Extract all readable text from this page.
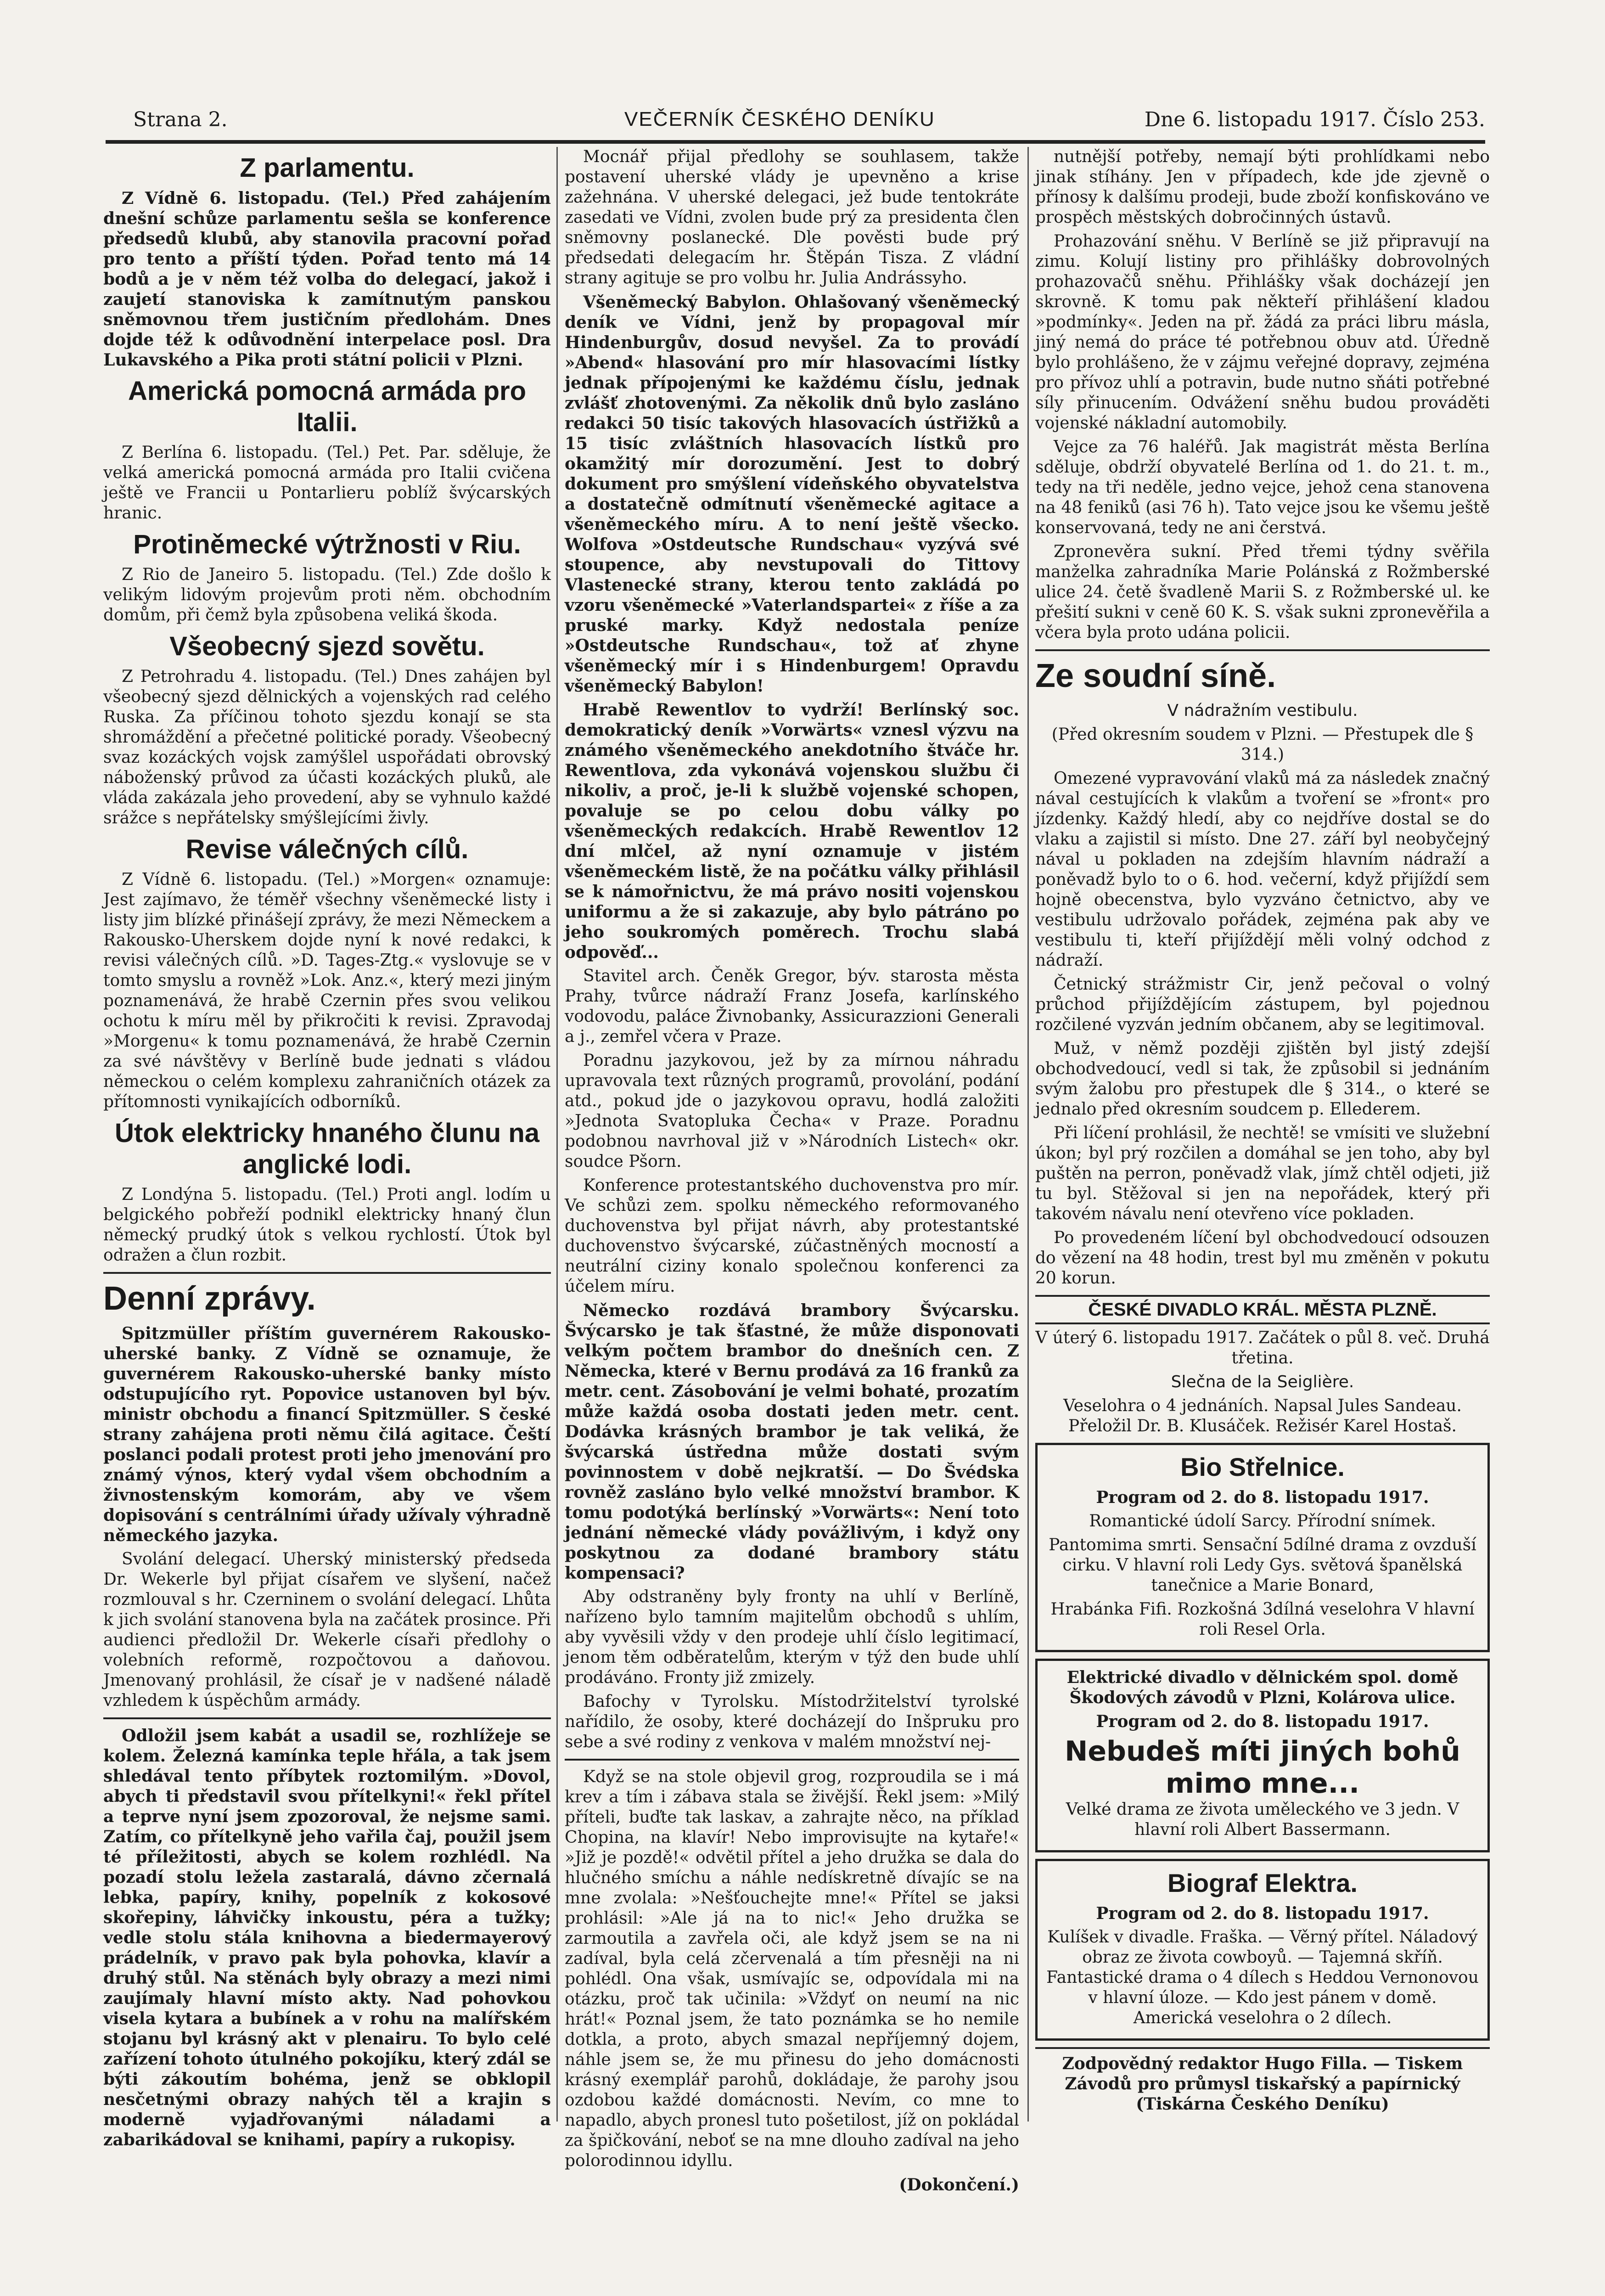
Strana 2.	VEČERNÍK ČESKÉHO DENÍKU	Dne 6. listopadu 1917. Číslo 253.
Z parlamentu.

Z Vídně 6. listopadu. (Tel.) Před zahájením dnešní schůze parlamentu sešla se konference předsedů klubů, aby stanovila pracovní pořad pro tento a příští týden. Pořad tento má 14 bodů a je v něm též volba do delegací, jakož i zaujetí stanoviska k zamítnutým panskou sněmovnou třem justičním předlohám. Dnes dojde též k odůvodnění interpelace posl. Dra Lukavského a Pika proti státní policii v Plzni.

Americká pomocná armáda pro Italii.

Z Berlína 6. listopadu. (Tel.) Pet. Par. sděluje, že velká americká pomocná armáda pro Italii cvičena ještě ve Francii u Pontarlieru poblíž švýcarských hranic.

Protiněmecké výtržnosti v Riu.

Z Rio de Janeiro 5. listopadu. (Tel.) Zde došlo k velikým lidovým projevům proti něm. obchodním domům, při čemž byla způsobena veliká škoda.

Všeobecný sjezd sovětu.

Z Petrohradu 4. listopadu. (Tel.) Dnes zahájen byl všeobecný sjezd dělnických a vojenských rad celého Ruska. Za příčinou tohoto sjezdu konají se sta shromáždění a přečetné politické porady. Všeobecný svaz kozáckých vojsk zamýšlel uspořádati obrovský náboženský průvod za účasti kozáckých pluků, ale vláda zakázala jeho provedení, aby se vyhnulo každé srážce s nepřátelsky smýšlejícími živly.

Revise válečných cílů.

Z Vídně 6. listopadu. (Tel.) »Morgen« oznamuje: Jest zajímavo, že téměř všechny všeněmecké listy i listy jim blízké přinášejí zprávy, že mezi Německem a Rakousko-Uherskem dojde nyní k nové redakci, k revisi válečných cílů. »D. Tages-Ztg.« vyslovuje se v tomto smyslu a rovněž »Lok. Anz.«, který mezi jiným poznamenává, že hrabě Czernin přes svou velikou ochotu k míru měl by přikročiti k revisi. Zpravodaj »Morgenu« k tomu poznamenává, že hrabě Czernin za své návštěvy v Berlíně bude jednati s vládou německou o celém komplexu zahraničních otázek za přítomnosti vynikajících odborníků.

Útok elektricky hnaného člunu na anglické lodi.

Z Londýna 5. listopadu. (Tel.) Proti angl. lodím u belgického pobřeží podnikl elektricky hnaný člun německý prudký útok s velkou rychlostí. Útok byl odražen a člun rozbit.

Denní zprávy.

Spitzmüller příštím guvernérem Rakousko-uherské banky. Z Vídně se oznamuje, že guvernérem Rakousko-uherské banky místo odstupujícího ryt. Popovice ustanoven byl býv. ministr obchodu a financí Spitzmüller. S české strany zahájena proti němu čilá agitace. Čeští poslanci podali protest proti jeho jmenování pro známý výnos, který vydal všem obchodním a živnostenským komorám, aby ve všem dopisování s centrálními úřady užívaly výhradně německého jazyka.

Svolání delegací. Uherský ministerský předseda Dr. Wekerle byl přijat císařem ve slyšení, načež rozmlouval s hr. Czerninem o svolání delegací. Lhůta k jich svolání stanovena byla na začátek prosince. Při audienci předložil Dr. Wekerle císaři předlohy o volebních reformě, rozpočtovou a daňovou. Jmenovaný prohlásil, že císař je v nadšené náladě vzhledem k úspěchům armády.

Odložil jsem kabát a usadil se, rozhlížeje se kolem. Železná kamínka teple hřála, a tak jsem shledával tento příbytek roztomilým. »Dovol, abych ti představil svou přítelkyni!« řekl přítel a teprve nyní jsem zpozoroval, že nejsme sami. Zatím, co přítelkyně jeho vařila čaj, použil jsem té příležitosti, abych se kolem rozhlédl. Na pozadí stolu ležela zastaralá, dávno zčernalá lebka, papíry, knihy, popelník z kokosové skořepiny, láhvičky inkoustu, péra a tužky; vedle stolu stála knihovna a biedermayerový prádelník, v pravo pak byla pohovka, klavír a druhý stůl. Na stěnách byly obrazy a mezi nimi zaujímaly hlavní místo akty. Nad pohovkou visela kytara a bubínek a v rohu na malířském stojanu byl krásný akt v plenairu. To bylo celé zařízení tohoto útulného pokojíku, který zdál se býti zákoutím bohéma, jenž se obklopil nesčetnými obrazy nahých těl a krajin s moderně vyjadřovanými náladami a zabarikádoval se knihami, papíry a rukopisy.

Mocnář přijal předlohy se souhlasem, takže postavení uherské vlády je upevněno a krise zažehnána. V uherské delegaci, jež bude tentokráte zasedati ve Vídni, zvolen bude prý za presidenta člen sněmovny poslanecké. Dle pověsti bude prý předsedati delegacím hr. Štěpán Tisza. Z vládní strany agituje se pro volbu hr. Julia Andrássyho.

Všeněmecký Babylon. Ohlašovaný všeněmecký deník ve Vídni, jenž by propagoval mír Hindenburgův, dosud nevyšel. Za to provádí »Abend« hlasování pro mír hlasovacími lístky jednak přípojenými ke každému číslu, jednak zvlášť zhotovenými. Za několik dnů bylo zasláno redakci 50 tisíc takových hlasovacích ústřižků a 15 tisíc zvláštních hlasovacích lístků pro okamžitý mír dorozumění. Jest to dobrý dokument pro smýšlení vídeňského obyvatelstva a dostatečně odmítnutí všeněmecké agitace a všeněmeckého míru. A to není ještě všecko. Wolfova »Ostdeutsche Rundschau« vyzývá své stoupence, aby nevstupovali do Tittovy Vlastenecké strany, kterou tento zakládá po vzoru všeněmecké »Vaterlandspartei« z říše a za pruské marky. Když nedostala peníze »Ostdeutsche Rundschau«, tož ať zhyne všeněmecký mír i s Hindenburgem! Opravdu všeněmecký Babylon!

Hrabě Rewentlov to vydrží! Berlínský soc. demokratický deník »Vorwärts« vznesl výzvu na známého všeněmeckého anekdotního štváče hr. Rewentlova, zda vykonává vojenskou službu či nikoliv, a proč, je-li k službě vojenské schopen, povaluje se po celou dobu války po všeněmeckých redakcích. Hrabě Rewentlov 12 dní mlčel, až nyní oznamuje v jistém všeněmeckém listě, že na počátku války přihlásil se k námořnictvu, že má právo nositi vojenskou uniformu a že si zakazuje, aby bylo pátráno po jeho soukromých poměrech. Trochu slabá odpověď...

Stavitel arch. Čeněk Gregor, býv. starosta města Prahy, tvůrce nádraží Franz Josefa, karlínského vodovodu, paláce Živnobanky, Assicurazzioni Generali a j., zemřel včera v Praze.

Poradnu jazykovou, jež by za mírnou náhradu upravovala text různých programů, provolání, podání atd., pokud jde o jazykovou opravu, hodlá založiti »Jednota Svatopluka Čecha« v Praze. Poradnu podobnou navrhoval již v »Národních Listech« okr. soudce Pšorn.

Konference protestantského duchovenstva pro mír. Ve schůzi zem. spolku německého reformovaného duchovenstva byl přijat návrh, aby protestantské duchovenstvo švýcarské, zúčastněných mocností a neutrální ciziny konalo společnou konferenci za účelem míru.

Německo rozdává brambory Švýcarsku. Švýcarsko je tak šťastné, že může disponovati velkým počtem brambor do dnešních cen. Z Německa, které v Bernu prodává za 16 franků za metr. cent. Zásobování je velmi bohaté, prozatím může každá osoba dostati jeden metr. cent. Dodávka krásných brambor je tak veliká, že švýcarská ústředna může dostati svým povinnostem v době nejkratší. — Do Švédska rovněž zasláno bylo velké množství brambor. K tomu podotýká berlínský »Vorwärts«: Není toto jednání německé vlády povážlivým, i když ony poskytnou za dodané brambory státu kompensaci?

Aby odstraněny byly fronty na uhlí v Berlíně, nařízeno bylo tamním majitelům obchodů s uhlím, aby vyvěsili vždy v den prodeje uhlí číslo legitimací, jenom těm odběratelům, kterým v týž den bude uhlí prodáváno. Fronty již zmizely.

Bafochy v Tyrolsku. Místodržitelství tyrolské nařídilo, že osoby, které docházejí do Inšpruku pro sebe a své rodiny z venkova v malém množství nej-

Když se na stole objevil grog, rozproudila se i má krev a tím i zábava stala se živější. Řekl jsem: »Milý příteli, buďte tak laskav, a zahrajte něco, na příklad Chopina, na klavír! Nebo improvisujte na kytaře!« »Již je pozdě!« odvětil přítel a jeho družka se dala do hlučného smíchu a náhle nedískretně dívajíc se na mne zvolala: »Nešťouchejte mne!« Přítel se jaksi prohlásil: »Ale já na to nic!« Jeho družka se zarmoutila a zavřela oči, ale když jsem se na ni zadíval, byla celá zčervenalá a tím přesněji na ni pohlédl. Ona však, usmívajíc se, odpovídala mi na otázku, proč tak učinila: »Vždyť on neumí na nic hrát!« Poznal jsem, že tato poznámka se ho nemile dotkla, a proto, abych smazal nepříjemný dojem, náhle jsem se, že mu přinesu do jeho domácnosti krásný exemplář parohů, dokládaje, že parohy jsou ozdobou každé domácnosti. Nevím, co mne to napadlo, abych pronesl tuto pošetilost, jíž on pokládal za špičkování, neboť se na mne dlouho zadíval na jeho polorodinnou idyllu.

(Dokončení.)

nutnější potřeby, nemají býti prohlídkami nebo jinak stíhány. Jen v případech, kde jde zjevně o přínosy k dalšímu prodeji, bude zboží konfiskováno ve prospěch městských dobročinných ústavů.

Prohazování sněhu. V Berlíně se již připravují na zimu. Kolují listiny pro přihlášky dobrovolných prohazovačů sněhu. Přihlášky však docházejí jen skrovně. K tomu pak někteří přihlášení kladou »podmínky«. Jeden na př. žádá za práci libru másla, jiný nemá do práce té potřebnou obuv atd. Úředně bylo prohlášeno, že v zájmu veřejné dopravy, zejména pro přívoz uhlí a potravin, bude nutno sňáti potřebné síly přinucením. Odvážení sněhu budou prováděti vojenské nákladní automobily.

Vejce za 76 haléřů. Jak magistrát města Berlína sděluje, obdrží obyvatelé Berlína od 1. do 21. t. m., tedy na tři neděle, jedno vejce, jehož cena stanovena na 48 feniků (asi 76 h). Tato vejce jsou ke všemu ještě konservovaná, tedy ne ani čerstvá.

Zpronevěra sukní. Před třemi týdny svěřila manželka zahradníka Marie Polánská z Rožmberské ulice 24. četě švadleně Marii S. z Rožmberské ul. ke přešití sukni v ceně 60 K. S. však sukni zpronevěřila a včera byla proto udána policii.

Ze soudní síně.
V nádražním vestibulu.

(Před okresním soudem v Plzni. — Přestupek dle § 314.)

Omezené vypravování vlaků má za následek značný nával cestujících k vlakům a tvoření se »front« pro jízdenky. Každý hledí, aby co nejdříve dostal se do vlaku a zajistil si místo. Dne 27. září byl neobyčejný nával u pokladen na zdejším hlavním nádraží a poněvadž bylo to o 6. hod. večerní, když přijíždí sem hojně obecenstva, bylo vyzváno četnictvo, aby ve vestibulu udržovalo pořádek, zejména pak aby ve vestibulu ti, kteří přijíždějí měli volný odchod z nádraží.

Četnický strážmistr Cir, jenž pečoval o volný průchod přijíždějícím zástupem, byl pojednou rozčilené vyzván jedním občanem, aby se legitimoval.

Muž, v němž později zjištěn byl jistý zdejší obchodvedoucí, vedl si tak, že způsobil si jednáním svým žalobu pro přestupek dle § 314., o které se jednalo před okresním soudcem p. Ellederem.

Při líčení prohlásil, že nechtě! se vmísiti ve služební úkon; byl prý rozčilen a domáhal se jen toho, aby byl puštěn na perron, poněvadž vlak, jímž chtěl odjeti, již tu byl. Stěžoval si jen na nepořádek, který při takovém návalu není otevřeno více pokladen.

Po provedeném líčení byl obchodvedoucí odsouzen do vězení na 48 hodin, trest byl mu změněn v pokutu 20 korun.

ČESKÉ DIVADLO KRÁL. MĚSTA PLZNĚ.

V úterý 6. listopadu 1917. Začátek o půl 8. več. Druhá třetina.

Slečna de la Seiglière.

Veselohra o 4 jednáních. Napsal Jules Sandeau. Přeložil Dr. B. Klusáček. Režisér Karel Hostaš.

Bio Střelnice.

Program od 2. do 8. listopadu 1917.

Romantické údolí Sarcy. Přírodní snímek.

Pantomima smrti. Sensační 5dílné drama z ovzduší cirku. V hlavní roli Ledy Gys. světová španělská tanečnice a Marie Bonard,

Hrabánka Fifi. Rozkošná 3dílná veselohra V hlavní roli Resel Orla.

Elektrické divadlo v dělnickém spol. domě Škodových závodů v Plzni, Kolárova ulice.

Program od 2. do 8. listopadu 1917.

Nebudeš míti jiných bohů mimo mne...

Velké drama ze života uměleckého ve 3 jedn. V hlavní roli Albert Bassermann.

Biograf Elektra.

Program od 2. do 8. listopadu 1917.

Kulíšek v divadle. Fraška. — Věrný přítel. Náladový obraz ze života cowboyů. — Tajemná skříň. Fantastické drama o 4 dílech s Heddou Vernonovou v hlavní úloze. — Kdo jest pánem v domě. Americká veselohra o 2 dílech.

Zodpovědný redaktor Hugo Filla. — Tiskem Závodů pro průmysl tiskařský a papírnický (Tiskárna Českého Deníku)
